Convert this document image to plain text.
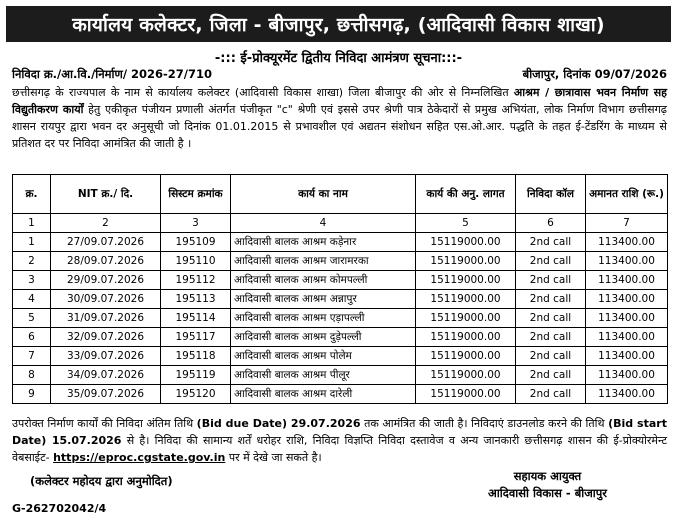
कार्यालय कलेक्टर, जिला - बीजापुर, छत्तीसगढ़, (आदिवासी विकास शाखा)
-::: ई-प्रोक्यूरमेंट द्वितीय निविदा आमंत्रण सूचना:::-
निविदा क्र./आ.वि./निर्माण/ 2026-27/710	बीजापुर, दिनांक 09/07/2026
छत्तीसगढ़ के राज्यपाल के नाम से कार्यालय कलेक्टर (आदिवासी विकास शाखा) जिला बीजापुर की ओर से निम्नलिखित आश्रम / छात्रावास भवन निर्माण सह विद्युतीकरण कार्यों हेतु एकीकृत पंजीयन प्रणाली अंतर्गत पंजीकृत "c" श्रेणी एवं इससे उपर श्रेणी पात्र ठेकेदारों से प्रमुख अभियंता, लोक निर्माण विभाग छत्तीसगढ़ शासन रायपुर द्वारा भवन दर अनुसूची जो दिनांक 01.01.2015 से प्रभावशील एवं अद्यतन संशोधन सहित एस.ओ.आर. पद्धति के तहत ई-टेंडरिंग के माध्यम से प्रतिशत दर पर निविदा आमंत्रित की जाती है ।
क्र.	NIT क्र./ दि.	सिस्टम क्रमांक	कार्य का नाम	कार्य की अनु. लागत	निविदा कॉल	अमानत राशि (रू.)
1	2	3	4	5	6	7
1	27/09.07.2026	195109	आदिवासी बालक आश्रम कड़ेनार	15119000.00	2nd call	113400.00
2	28/09.07.2026	195110	आदिवासी बालक आश्रम जारामरका	15119000.00	2nd call	113400.00
3	29/09.07.2026	195112	आदिवासी बालक आश्रम कोमपल्ली	15119000.00	2nd call	113400.00
4	30/09.07.2026	195113	आदिवासी बालक आश्रम अन्नापुर	15119000.00	2nd call	113400.00
5	31/09.07.2026	195114	आदिवासी बालक आश्रम एड़ापल्ली	15119000.00	2nd call	113400.00
6	32/09.07.2026	195117	आदिवासी बालक आश्रम दुड़ेपल्ली	15119000.00	2nd call	113400.00
7	33/09.07.2026	195118	आदिवासी बालक आश्रम पोलेम	15119000.00	2nd call	113400.00
8	34/09.07.2026	195119	आदिवासी बालक आश्रम पीलूर	15119000.00	2nd call	113400.00
9	35/09.07.2026	195120	आदिवासी बालक आश्रम दारेली	15119000.00	2nd call	113400.00
उपरोक्त निर्माण कार्यों की निविदा अंतिम तिथि (Bid due Date) 29.07.2026 तक आमंत्रित की जाती है। निविदाएं डाउनलोड करने की तिथि (Bid start Date) 15.07.2026 से है। निविदा की सामान्य शर्तें धरोहर राशि, निविदा विज्ञप्ति निविदा दस्तावेज व अन्य जानकारी छत्तीसगढ़ शासन की ई-प्रोक्योरमेन्ट वेबसाईट- https://eproc.cgstate.gov.in पर में देखे जा सकते है।
(कलेक्टर महोदय द्वारा अनुमोदित)	सहायक आयुक्त
आदिवासी विकास - बीजापुर
G-262702042/4
